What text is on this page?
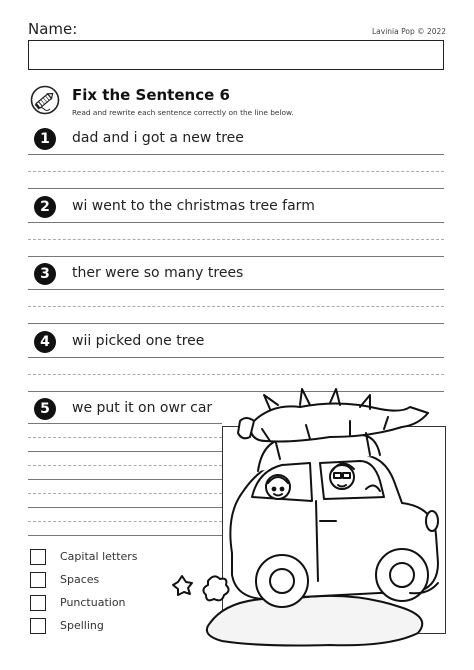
Name:	Lavinia Pop © 2022
Fix the Sentence 6
Read and rewrite each sentence correctly on the line below.
1	dad and i got a new tree
2	wi went to the christmas tree farm
3	ther were so many trees
4	wii picked one tree
5	we put it on owr car
Capital letters
Spaces
Punctuation
Spelling
